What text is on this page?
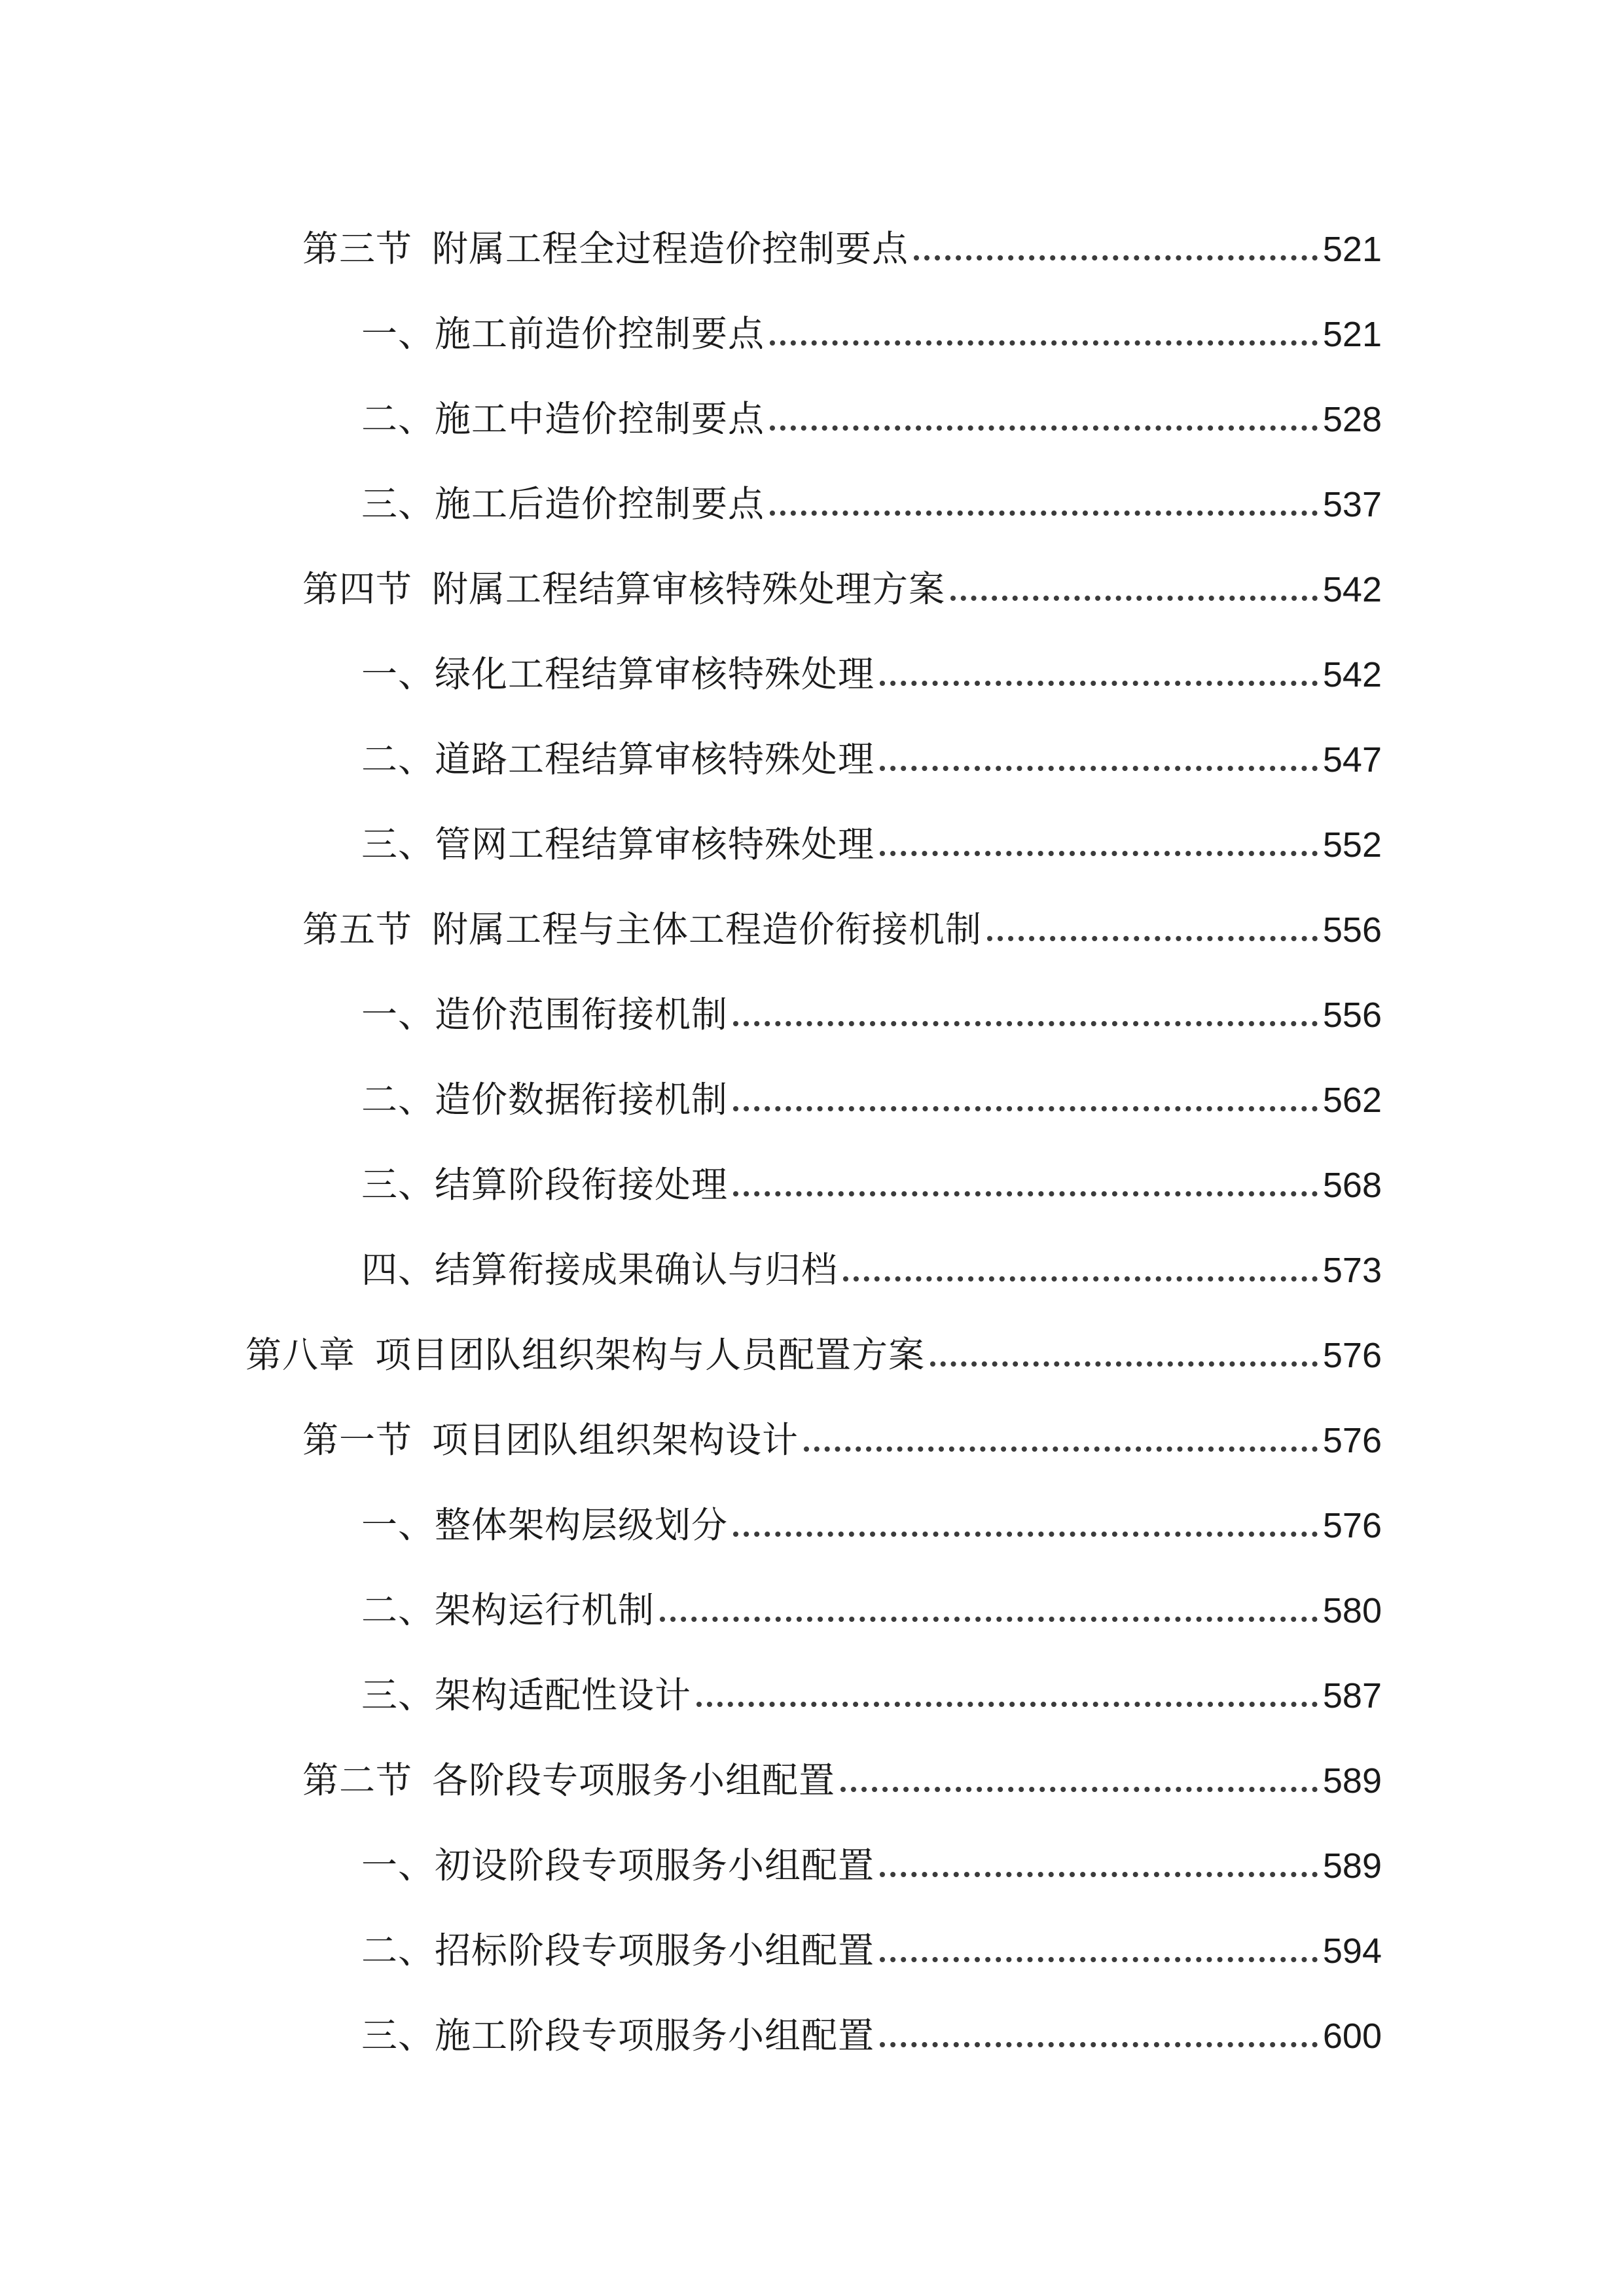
第三节 附属工程全过程造价控制要点	521
一、施工前造价控制要点	521
二、施工中造价控制要点	528
三、施工后造价控制要点	537
第四节 附属工程结算审核特殊处理方案	542
一、绿化工程结算审核特殊处理	542
二、道路工程结算审核特殊处理	547
三、管网工程结算审核特殊处理	552
第五节 附属工程与主体工程造价衔接机制	556
一、造价范围衔接机制	556
二、造价数据衔接机制	562
三、结算阶段衔接处理	568
四、结算衔接成果确认与归档	573
第八章 项目团队组织架构与人员配置方案	576
第一节 项目团队组织架构设计	576
一、整体架构层级划分	576
二、架构运行机制	580
三、架构适配性设计	587
第二节 各阶段专项服务小组配置	589
一、初设阶段专项服务小组配置	589
二、招标阶段专项服务小组配置	594
三、施工阶段专项服务小组配置	600
